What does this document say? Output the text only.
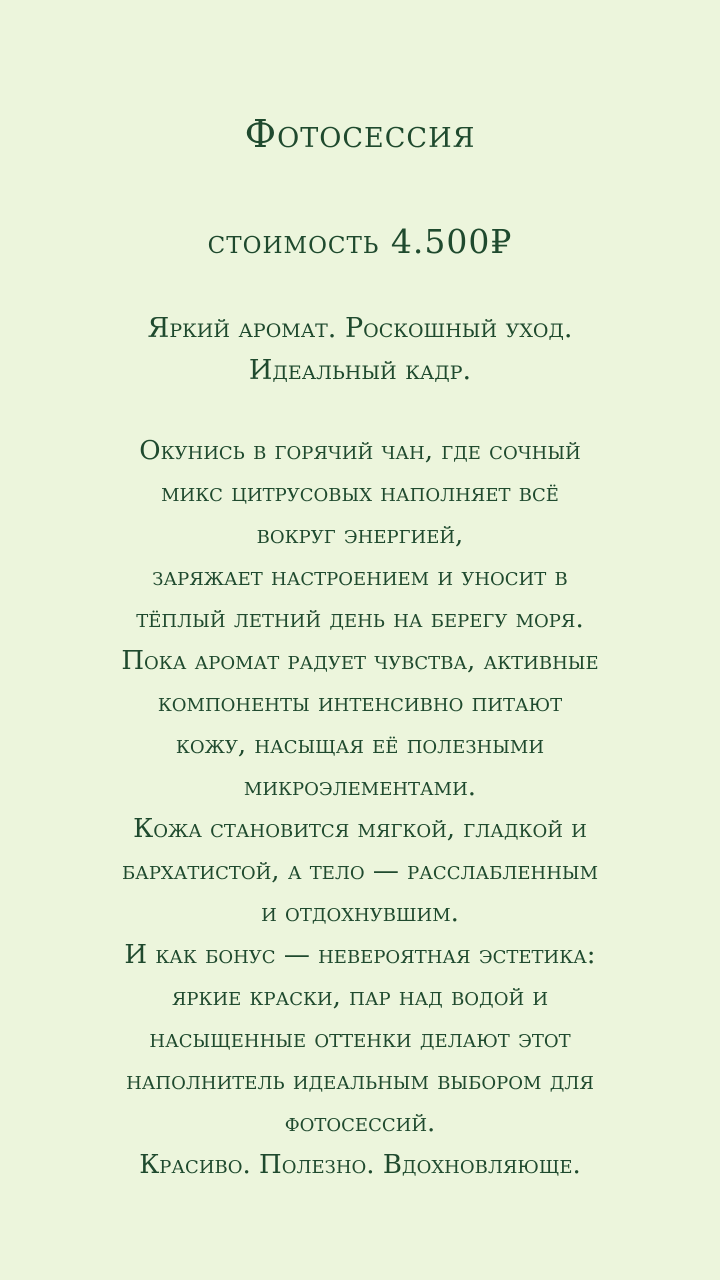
Фотосессия

стоимость 4.500₽

Яркий аромат. Роскошный уход.
Идеальный кадр.

Окунись в горячий чан, где сочный
микс цитрусовых наполняет всё
вокруг энергией,
заряжает настроением и уносит в
тёплый летний день на берегу моря.
Пока аромат радует чувства, активные
компоненты интенсивно питают
кожу, насыщая её полезными
микроэлементами.
Кожа становится мягкой, гладкой и
бархатистой, а тело — расслабленным
и отдохнувшим.
И как бонус — невероятная эстетика:
яркие краски, пар над водой и
насыщенные оттенки делают этот
наполнитель идеальным выбором для
фотосессий.
Красиво. Полезно. Вдохновляюще.
